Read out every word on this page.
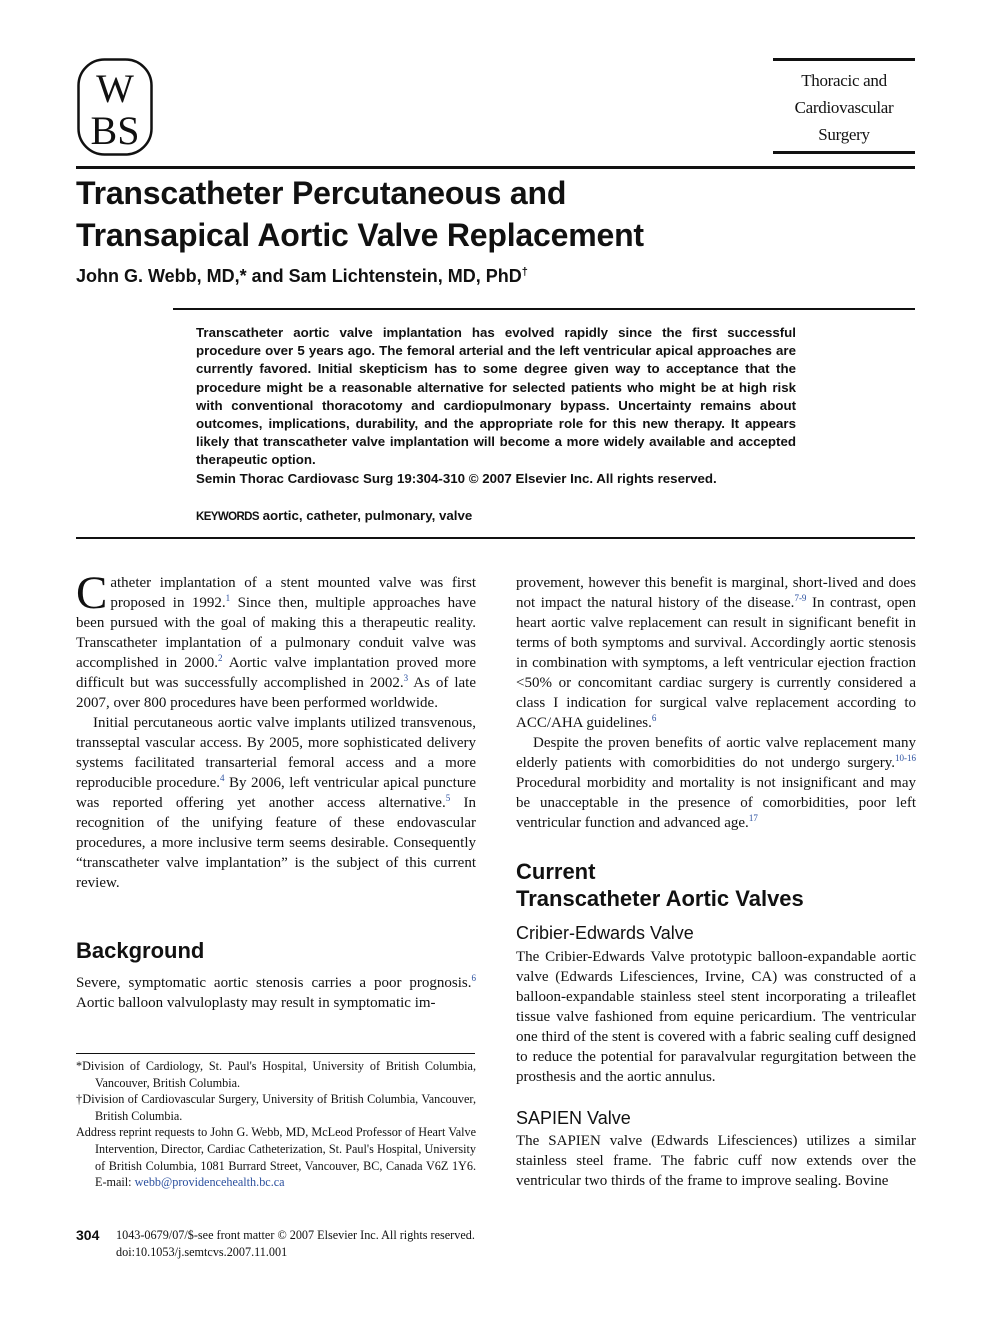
W
BS
Thoracic and
Cardiovascular
Surgery
Transcatheter Percutaneous and
Transapical Aortic Valve Replacement
John G. Webb, MD,* and Sam Lichtenstein, MD, PhD†
Transcatheter aortic valve implantation has evolved rapidly since the first successful procedure over 5 years ago. The femoral arterial and the left ventricular apical approaches are currently favored. Initial skepticism has to some degree given way to acceptance that the procedure might be a reasonable alternative for selected patients who might be at high risk with conventional thoracotomy and cardiopulmonary bypass. Uncertainty remains about outcomes, implications, durability, and the appropriate role for this new therapy. It appears likely that transcatheter valve implantation will become a more widely available and accepted therapeutic option.
Semin Thorac Cardiovasc Surg 19:304-310 © 2007 Elsevier Inc. All rights reserved.
KEYWORDS aortic, catheter, pulmonary, valve

Catheter implantation of a stent mounted valve was first proposed in 1992.$^1$ Since then, multiple approaches have been pursued with the goal of making this a therapeutic reality. Transcatheter implantation of a pulmonary conduit valve was accomplished in 2000.$^2$ Aortic valve implantation proved more difficult but was successfully accomplished in 2002.$^3$ As of late 2007, over 800 procedures have been performed worldwide.

Initial percutaneous aortic valve implants utilized transvenous, transseptal vascular access. By 2005, more sophisticated delivery systems facilitated transarterial femoral access and a more reproducible procedure.$^4$ By 2006, left ventricular apical puncture was reported offering yet another access alternative.$^5$ In recognition of the unifying feature of these endovascular procedures, a more inclusive term seems desirable. Consequently “transcatheter valve implantation” is the subject of this current review.

Background

Severe, symptomatic aortic stenosis carries a poor prognosis.$^6$ Aortic balloon valvuloplasty may result in symptomatic im-

*Division of Cardiology, St. Paul's Hospital, University of British Columbia, Vancouver, British Columbia.

†Division of Cardiovascular Surgery, University of British Columbia, Vancouver, British Columbia.

Address reprint requests to John G. Webb, MD, McLeod Professor of Heart Valve Intervention, Director, Cardiac Catheterization, St. Paul's Hospital, University of British Columbia, 1081 Burrard Street, Vancouver, BC, Canada V6Z 1Y6. E-mail: webb@providencehealth.bc.ca

provement, however this benefit is marginal, short-lived and does not impact the natural history of the disease.$^{7-9}$ In contrast, open heart aortic valve replacement can result in significant benefit in terms of both symptoms and survival. Accordingly aortic stenosis in combination with symptoms, a left ventricular ejection fraction <50% or concomitant cardiac surgery is currently considered a class I indication for surgical valve replacement according to ACC/AHA guidelines.$^6$

Despite the proven benefits of aortic valve replacement many elderly patients with comorbidities do not undergo surgery.$^{10-16}$ Procedural morbidity and mortality is not insignificant and may be unacceptable in the presence of comorbidities, poor left ventricular function and advanced age.$^{17}$

Current
Transcatheter Aortic Valves
Cribier-Edwards Valve
The Cribier-Edwards Valve prototypic balloon-expandable aortic valve (Edwards Lifesciences, Irvine, CA) was constructed of a balloon-expandable stainless steel stent incorporating a trileaflet tissue valve fashioned from equine pericardium. The ventricular one third of the stent is covered with a fabric sealing cuff designed to reduce the potential for paravalvular regurgitation between the prosthesis and the aortic annulus.
SAPIEN Valve
The SAPIEN valve (Edwards Lifesciences) utilizes a similar stainless steel frame. The fabric cuff now extends over the ventricular two thirds of the frame to improve sealing. Bovine
304 1043-0679/07/$-see front matter © 2007 Elsevier Inc. All rights reserved.
doi:10.1053/j.semtcvs.2007.11.001
